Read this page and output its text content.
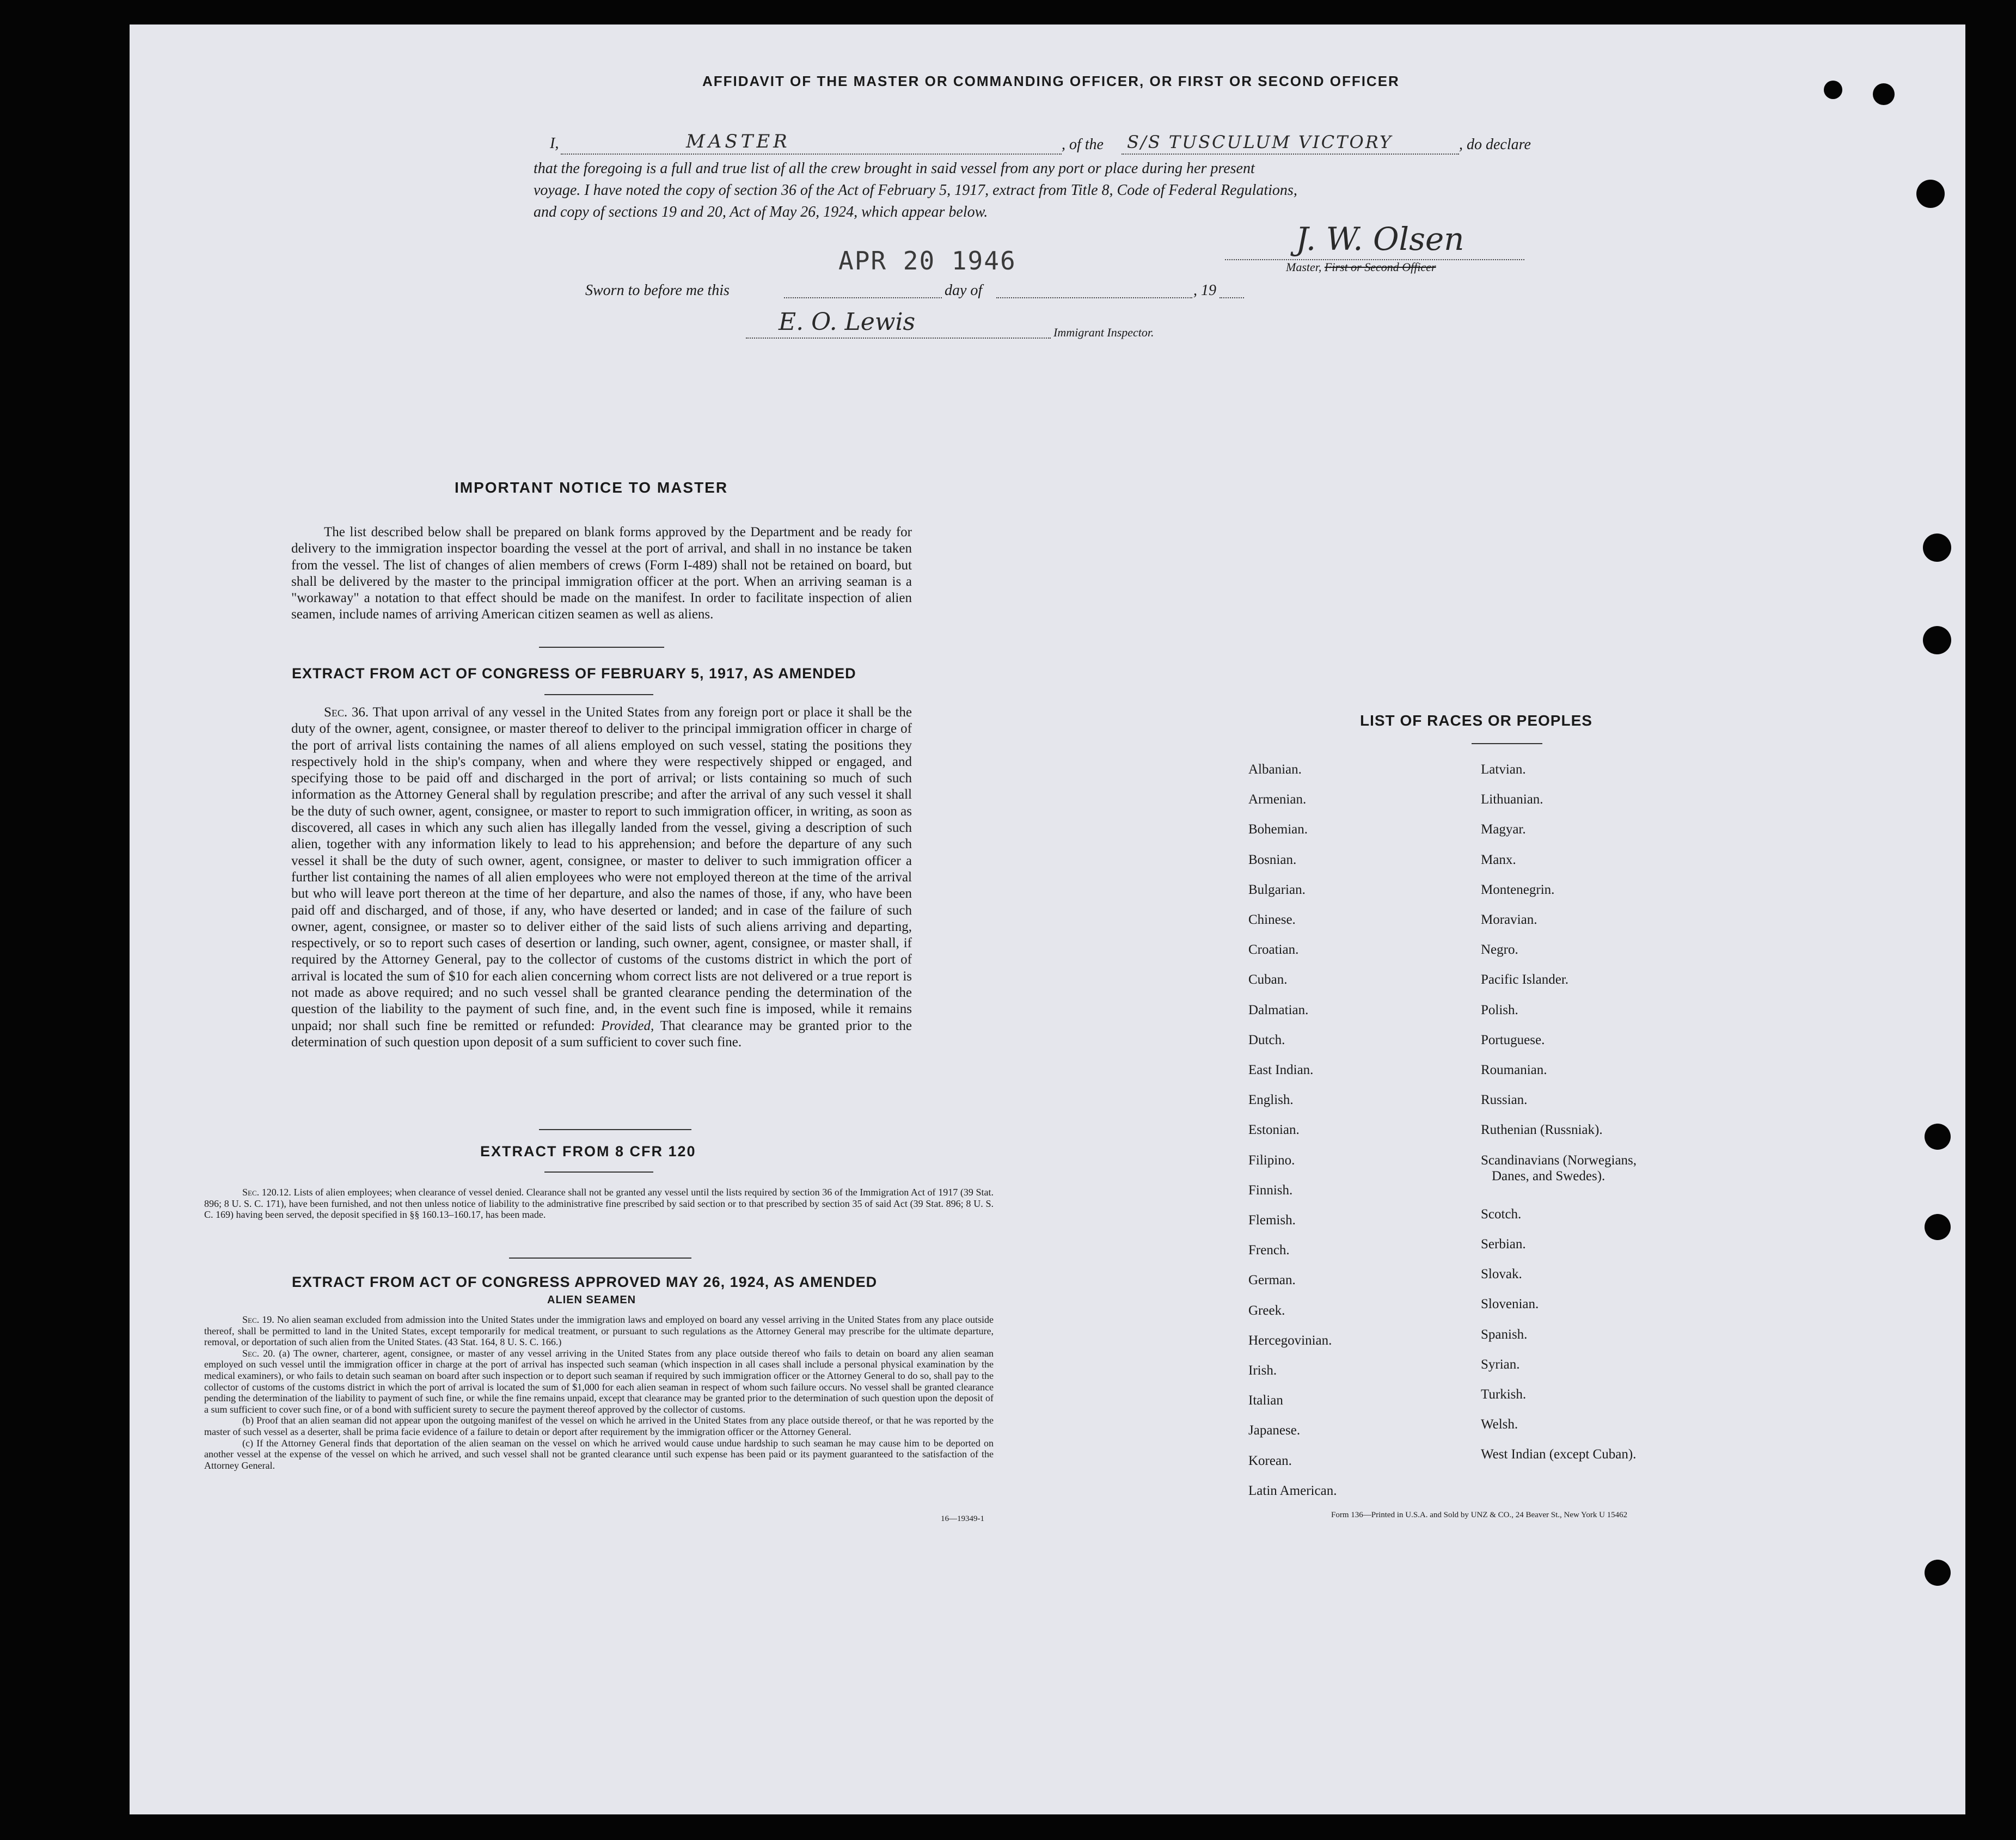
AFFIDAVIT OF THE MASTER OR COMMANDING OFFICER, OR FIRST OR SECOND OFFICER
I,	MASTER	, of the S/S TUSCULUM VICTORY	, do declare
that the foregoing is a full and true list of all the crew brought in said vessel from any port or place during her present
voyage. I have noted the copy of section 36 of the Act of February 5, 1917, extract from Title 8, Code of Federal Regulations,
and copy of sections 19 and 20, Act of May 26, 1924, which appear below.
J. W. Olsen
Master, First or Second Officer
APR 20 1946
Sworn to before me this	day of	, 19
E. O. Lewis	Immigrant Inspector.
IMPORTANT NOTICE TO MASTER
The list described below shall be prepared on blank forms approved by the Department and be ready for delivery to the immigration inspector boarding the vessel at the port of arrival, and shall in no instance be taken from the vessel. The list of changes of alien members of crews (Form I-489) shall not be retained on board, but shall be delivered by the master to the principal immigration officer at the port. When an arriving seaman is a "workaway" a notation to that effect should be made on the manifest. In order to facilitate inspection of alien seamen, include names of arriving American citizen seamen as well as aliens.
EXTRACT FROM ACT OF CONGRESS OF FEBRUARY 5, 1917, AS AMENDED
Sec. 36. That upon arrival of any vessel in the United States from any foreign port or place it shall be the duty of the owner, agent, consignee, or master thereof to deliver to the principal immigration officer in charge of the port of arrival lists containing the names of all aliens employed on such vessel, stating the positions they respectively hold in the ship's company, when and where they were respectively shipped or engaged, and specifying those to be paid off and discharged in the port of arrival; or lists containing so much of such information as the Attorney General shall by regulation prescribe; and after the arrival of any such vessel it shall be the duty of such owner, agent, consignee, or master to report to such immigration officer, in writing, as soon as discovered, all cases in which any such alien has illegally landed from the vessel, giving a description of such alien, together with any information likely to lead to his apprehension; and before the departure of any such vessel it shall be the duty of such owner, agent, consignee, or master to deliver to such immigration officer a further list containing the names of all alien employees who were not employed thereon at the time of the arrival but who will leave port thereon at the time of her departure, and also the names of those, if any, who have been paid off and discharged, and of those, if any, who have deserted or landed; and in case of the failure of such owner, agent, consignee, or master so to deliver either of the said lists of such aliens arriving and departing, respectively, or so to report such cases of desertion or landing, such owner, agent, consignee, or master shall, if required by the Attorney General, pay to the collector of customs of the customs district in which the port of arrival is located the sum of $10 for each alien concerning whom correct lists are not delivered or a true report is not made as above required; and no such vessel shall be granted clearance pending the determination of the question of the liability to the payment of such fine, and, in the event such fine is imposed, while it remains unpaid; nor shall such fine be remitted or refunded: Provided, That clearance may be granted prior to the determination of such question upon deposit of a sum sufficient to cover such fine.
EXTRACT FROM 8 CFR 120
Sec. 120.12. Lists of alien employees; when clearance of vessel denied. Clearance shall not be granted any vessel until the lists required by section 36 of the Immigration Act of 1917 (39 Stat. 896; 8 U. S. C. 171), have been furnished, and not then unless notice of liability to the administrative fine prescribed by said section or to that prescribed by section 35 of said Act (39 Stat. 896; 8 U. S. C. 169) having been served, the deposit specified in §§ 160.13–160.17, has been made.
EXTRACT FROM ACT OF CONGRESS APPROVED MAY 26, 1924, AS AMENDED
ALIEN SEAMEN
Sec. 19. No alien seaman excluded from admission into the United States under the immigration laws and employed on board any vessel arriving in the United States from any place outside thereof, shall be permitted to land in the United States, except temporarily for medical treatment, or pursuant to such regulations as the Attorney General may prescribe for the ultimate departure, removal, or deportation of such alien from the United States. (43 Stat. 164, 8 U. S. C. 166.)
Sec. 20. (a) The owner, charterer, agent, consignee, or master of any vessel arriving in the United States from any place outside thereof who fails to detain on board any alien seaman employed on such vessel until the immigration officer in charge at the port of arrival has inspected such seaman (which inspection in all cases shall include a personal physical examination by the medical examiners), or who fails to detain such seaman on board after such inspection or to deport such seaman if required by such immigration officer or the Attorney General to do so, shall pay to the collector of customs of the customs district in which the port of arrival is located the sum of $1,000 for each alien seaman in respect of whom such failure occurs. No vessel shall be granted clearance pending the determination of the liability to payment of such fine, or while the fine remains unpaid, except that clearance may be granted prior to the determination of such question upon the deposit of a sum sufficient to cover such fine, or of a bond with sufficient surety to secure the payment thereof approved by the collector of customs.
(b) Proof that an alien seaman did not appear upon the outgoing manifest of the vessel on which he arrived in the United States from any place outside thereof, or that he was reported by the master of such vessel as a deserter, shall be prima facie evidence of a failure to detain or deport after requirement by the immigration officer or the Attorney General.
(c) If the Attorney General finds that deportation of the alien seaman on the vessel on which he arrived would cause undue hardship to such seaman he may cause him to be deported on another vessel at the expense of the vessel on which he arrived, and such vessel shall not be granted clearance until such expense has been paid or its payment guaranteed to the satisfaction of the Attorney General.
16—19349-1
LIST OF RACES OR PEOPLES
Albanian.
Armenian.
Bohemian.
Bosnian.
Bulgarian.
Chinese.
Croatian.
Cuban.
Dalmatian.
Dutch.
East Indian.
English.
Estonian.
Filipino.
Finnish.
Flemish.
French.
German.
Greek.
Hercegovinian.
Irish.
Italian
Japanese.
Korean.
Latin American.
Latvian.
Lithuanian.
Magyar.
Manx.
Montenegrin.
Moravian.
Negro.
Pacific Islander.
Polish.
Portuguese.
Roumanian.
Russian.
Ruthenian (Russniak).
Scandinavians (Norwegians,
Danes, and Swedes).
Scotch.
Serbian.
Slovak.
Slovenian.
Spanish.
Syrian.
Turkish.
Welsh.
West Indian (except Cuban).
Form 136—Printed in U.S.A. and Sold by UNZ & CO., 24 Beaver St., New York U 15462
